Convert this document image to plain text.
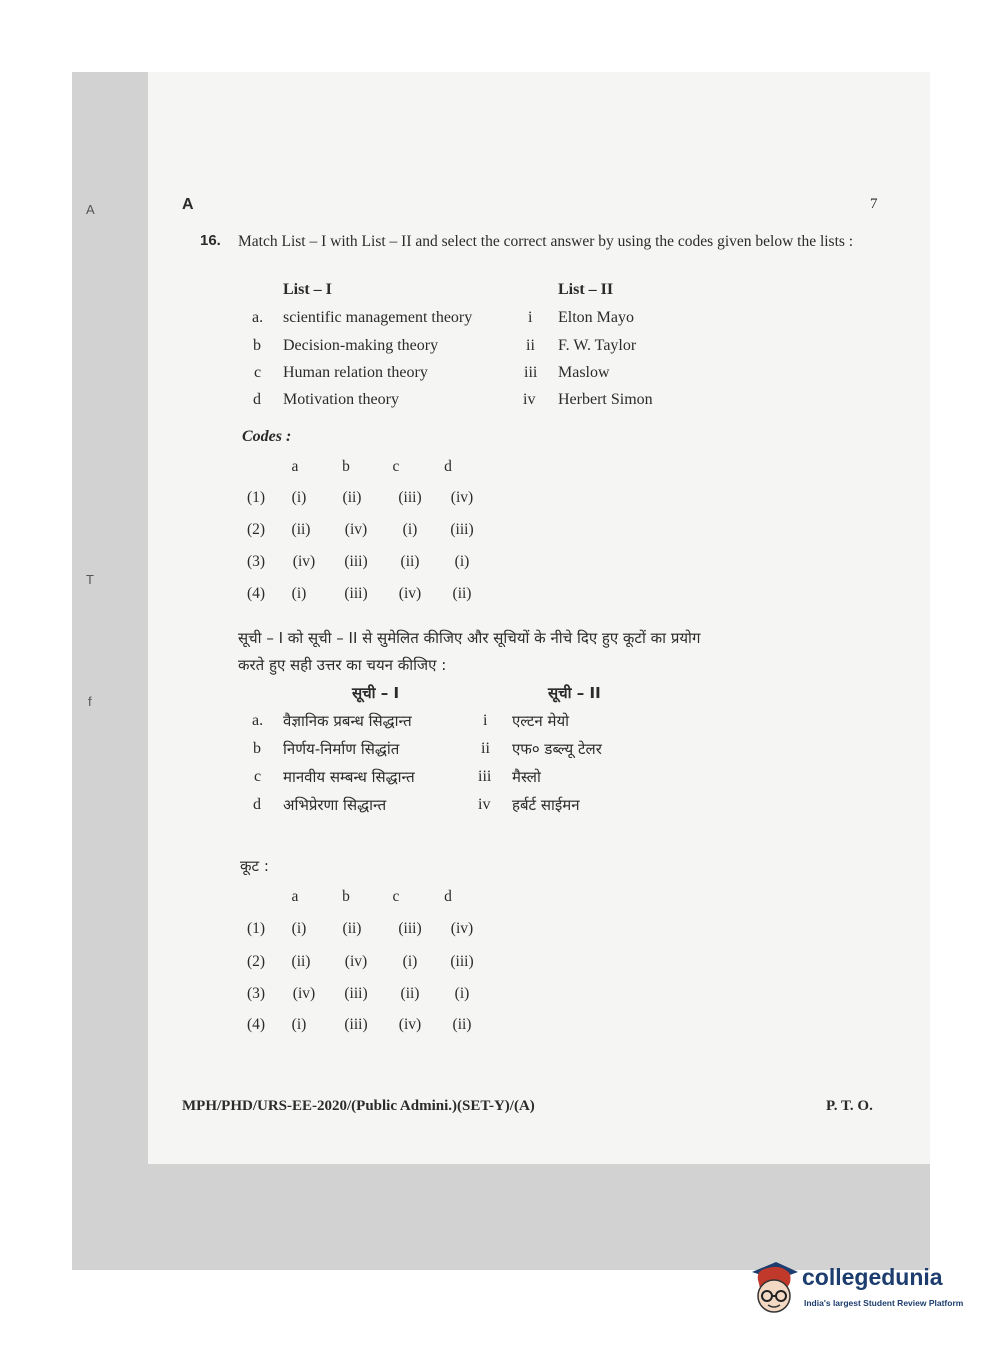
A
T
f
A	7
16. Match List – I with List – II and select the correct answer by using the codes given below the lists :
List – I	List – II
a. scientific management theory	i Elton Mayo
b Decision-making theory	ii F. W. Taylor
c Human relation theory	iii Maslow
d Motivation theory	iv Herbert Simon
Codes :
a	b	c	d
(1)	(i)	(ii)	(iii)	(iv)
(2)	(ii)	(iv)	(i)	(iii)
(3)	(iv)	(iii)	(ii)	(i)
(4)	(i)	(iii)	(iv)	(ii)
सूची – I को सूची – II से सुमेलित कीजिए और सूचियों के नीचे दिए हुए कूटों का प्रयोग
करते हुए सही उत्तर का चयन कीजिए :
सूची – I	सूची – II
a. वैज्ञानिक प्रबन्ध सिद्धान्त	i एल्टन मेयो
b निर्णय-निर्माण सिद्धांत	ii एफ० डब्ल्यू टेलर
c मानवीय सम्बन्ध सिद्धान्त	iii मैस्लो
d अभिप्रेरणा सिद्धान्त	iv हर्बर्ट साईमन
कूट :
a	b	c	d
(1)	(i)	(ii)	(iii)	(iv)
(2)	(ii)	(iv)	(i)	(iii)
(3)	(iv)	(iii)	(ii)	(i)
(4)	(i)	(iii)	(iv)	(ii)
MPH/PHD/URS-EE-2020/(Public Admini.)(SET-Y)/(A)	P. T. O.
collegedunia
India's largest Student Review Platform
